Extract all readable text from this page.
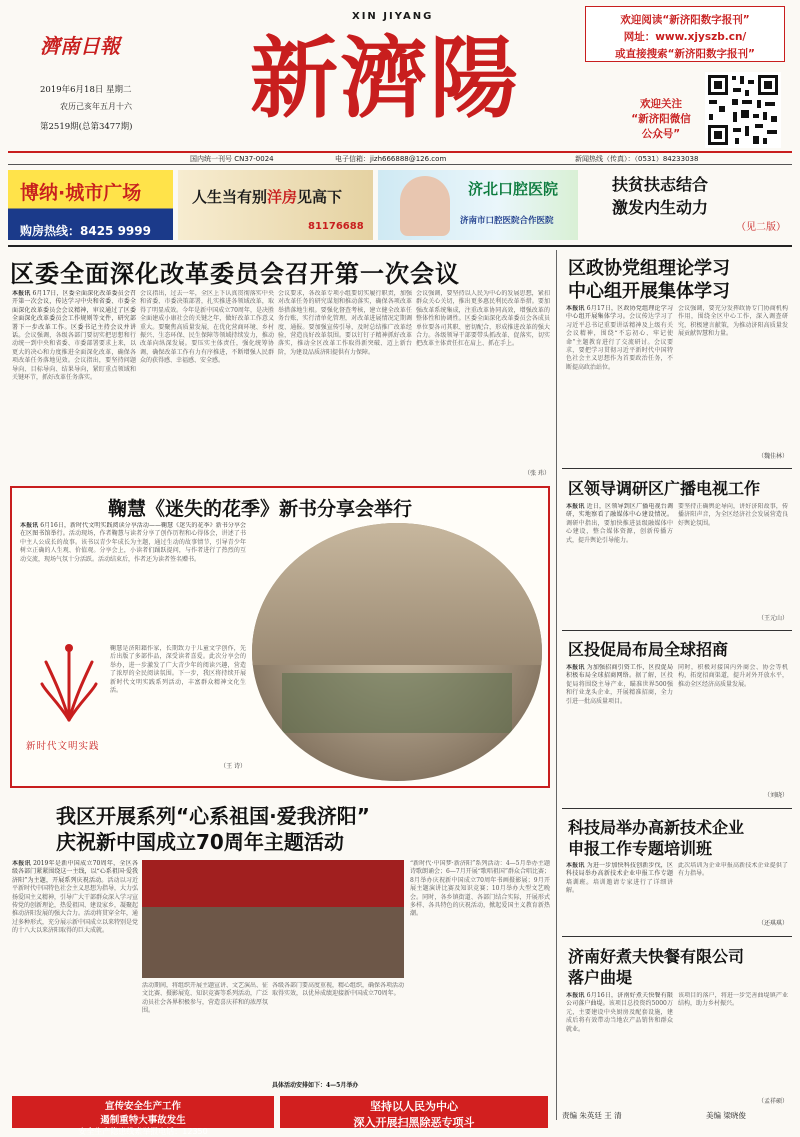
濟南日報
2019年6月18日 星期二
农历己亥年五月十六
第2519期(总第3477期)
XIN JIYANG
新濟陽
欢迎阅读“新济阳数字报刊”
网址：www.xjyszb.cn/
或直接搜索“新济阳数字报刊”
欢迎关注
“新济阳微信
公众号”
国内统一刊号 CN37-0024	电子信箱：jizh666888@126.com	新闻热线（传真）：（0531）84233038
博纳·城市广场
购房热线：8425 9999
人生当有别洋房见高下
81176688
济北口腔医院
济南市口腔医院合作医院
扶贫扶志结合
激发内生动力
（见二版）
区委全面深化改革委员会召开第一次会议
本报讯 6月17日，区委全面深化改革委员会召开第一次会议，传达学习中央和省委、市委全面深化改革委员会会议精神，审议通过了区委全面深化改革委员会工作规则等文件，研究部署下一步改革工作。区委书记主持会议并讲话。会议强调，各级各部门要切实把思想和行动统一到中央和省委、市委部署要求上来，以更大的决心和力度推进全面深化改革，确保各项改革任务落地见效。会议指出，要坚持问题导向、目标导向、结果导向，紧盯重点领域和关键环节，抓好改革任务落实。
会议指出，过去一年，全区上下认真贯彻落实中央和省委、市委决策部署，扎实推进各领域改革，取得了明显成效。今年是新中国成立70周年，是决胜全面建成小康社会的关键之年，做好改革工作意义重大。要聚焦高质量发展，在优化营商环境、乡村振兴、生态环保、民生保障等领域持续发力，推动改革向纵深发展。要压实主体责任，强化统筹协调，确保改革工作有力有序推进，不断增强人民群众的获得感、幸福感、安全感。
会议要求，各改革专项小组要切实履行职责，加强对改革任务的研究谋划和推动落实，确保各项改革举措落地生根。要强化督查考核，建立健全改革任务台账，实行清单化管理，对改革进展情况定期调度、通报。要加强宣传引导，及时总结推广改革经验，营造良好改革氛围。要以钉钉子精神抓好改革落实，推动全区改革工作取得新突破、迈上新台阶，为建设品质济阳提供有力保障。
会议强调，要坚持以人民为中心的发展思想，紧扣群众关心关切，推出更多惠民利民改革举措。要加强改革系统集成，注重改革协同高效，增强改革的整体性和协调性。区委全面深化改革委员会各成员单位要各司其职、密切配合，形成推进改革的强大合力。各级领导干部要带头抓改革、促落实，切实把改革主体责任扛在肩上、抓在手上。
（张 玮）
鞠慧《迷失的花季》新书分享会举行
本报讯 6月16日，新时代文明实践阅读分享活动——鞠慧《迷失的花季》新书分享会在区图书馆举行。活动现场，作者鞠慧与读者分享了创作历程和心得体会，讲述了书中主人公成长的故事。该书以青少年成长为主题，通过生动的故事情节，引导青少年树立正确的人生观、价值观。分享会上，小读者们踊跃提问，与作者进行了热烈的互动交流，现场气氛十分活跃。活动结束后，作者还为读者签名赠书。
新时代文明实践
鞠慧是济阳籍作家，长期致力于儿童文学创作，先后出版了多部作品，深受读者喜爱。此次分享会的举办，进一步激发了广大青少年的阅读兴趣，营造了浓厚的全民阅读氛围。下一步，我区将持续开展新时代文明实践系列活动，丰富群众精神文化生活。
（王 诗）
我区开展系列“心系祖国·爱我济阳”
庆祝新中国成立70周年主题活动
本报讯 2019年是新中国成立70周年，全区各级各部门紧紧围绕这一主线，以“心系祖国·爱我济阳”为主题，开展系列庆祝活动。活动以习近平新时代中国特色社会主义思想为指导，大力弘扬爱国主义精神，引导广大干部群众深入学习宣传党的创新理论，热爱祖国、建设家乡，凝聚起推动济阳发展的强大合力。活动将贯穿全年，通过多种形式，充分展示新中国成立以来特别是党的十八大以来济阳取得的巨大成就。
活动期间，将组织开展主题宣讲、文艺演出、征文比赛、摄影展览、知识竞赛等系列活动，广泛动员社会各界积极参与，营造喜庆祥和的浓厚氛围。
各级各部门要高度重视，精心组织，确保各项活动取得实效，以优异成绩迎接新中国成立70周年。
具体活动安排如下：4—5月举办
“新时代·中国梦·新济阳”系列活动：4—5月举办主题诗歌朗诵会；6—7月开展“歌唱祖国”群众合唱比赛；8月举办庆祝新中国成立70周年书画摄影展；9月开展主题演讲比赛及知识竞赛；10月举办大型文艺晚会。同时，各乡镇街道、各部门结合实际，开展形式多样、各具特色的庆祝活动，掀起爱国主义教育新热潮。
区政协党组理论学习
中心组开展集体学习
本报讯 6月17日，区政协党组理论学习中心组开展集体学习。会议传达学习了习近平总书记重要讲话精神及上级有关会议精神，围绕“不忘初心、牢记使命”主题教育进行了交流研讨。会议要求，要把学习贯彻习近平新时代中国特色社会主义思想作为首要政治任务，不断提高政治站位。
会议强调，要充分发挥政协专门协商机构作用，围绕全区中心工作，深入调查研究，积极建言献策，为推动济阳高质量发展贡献智慧和力量。
（魏佳林）
区领导调研区广播电视工作
本报讯 近日，区领导到区广播电视台调研，实地察看了融媒体中心建设情况。调研中指出，要加快推进县级融媒体中心建设，整合媒体资源，创新传播方式，提升舆论引导能力。
要坚持正确舆论导向，讲好济阳故事，传播济阳声音，为全区经济社会发展营造良好舆论氛围。
（王元山）
区投促局布局全球招商
本报讯 为加强招商引资工作，区投促局积极布局全球招商网络。据了解，区投促局将围绕主导产业，瞄准世界500强和行业龙头企业，开展精准招商，全力引进一批高质量项目。
同时，积极对接国内外商会、协会等机构，拓宽招商渠道，提升对外开放水平，推动全区经济高质量发展。
（刘晓）
科技局举办高新技术企业
申报工作专题培训班
本报讯 为进一步加快科技创新步伐，区科技局举办高新技术企业申报工作专题培训班。培训邀请专家进行了详细讲解。
此次培训为企业申报高新技术企业提供了有力指导。
（还琪琪）
济南好煮夫快餐有限公司
落户曲堤
本报讯 6月16日，济南好煮夫快餐有限公司落户曲堤。该项目总投资约5000万元，主要建设中央厨房及配套设施，建成后将有效带动当地农产品销售和群众就业。
该项目的落户，将进一步完善曲堤镇产业结构，助力乡村振兴。
（孟祥硕）
宣传安全生产工作
遏制重特大事故发生
安全生产隐患线索举报电话：12350
坚持以人民为中心
深入开展扫黑除恶专项斗
责编 朱英廷 王 清	美编 梁晓俊
